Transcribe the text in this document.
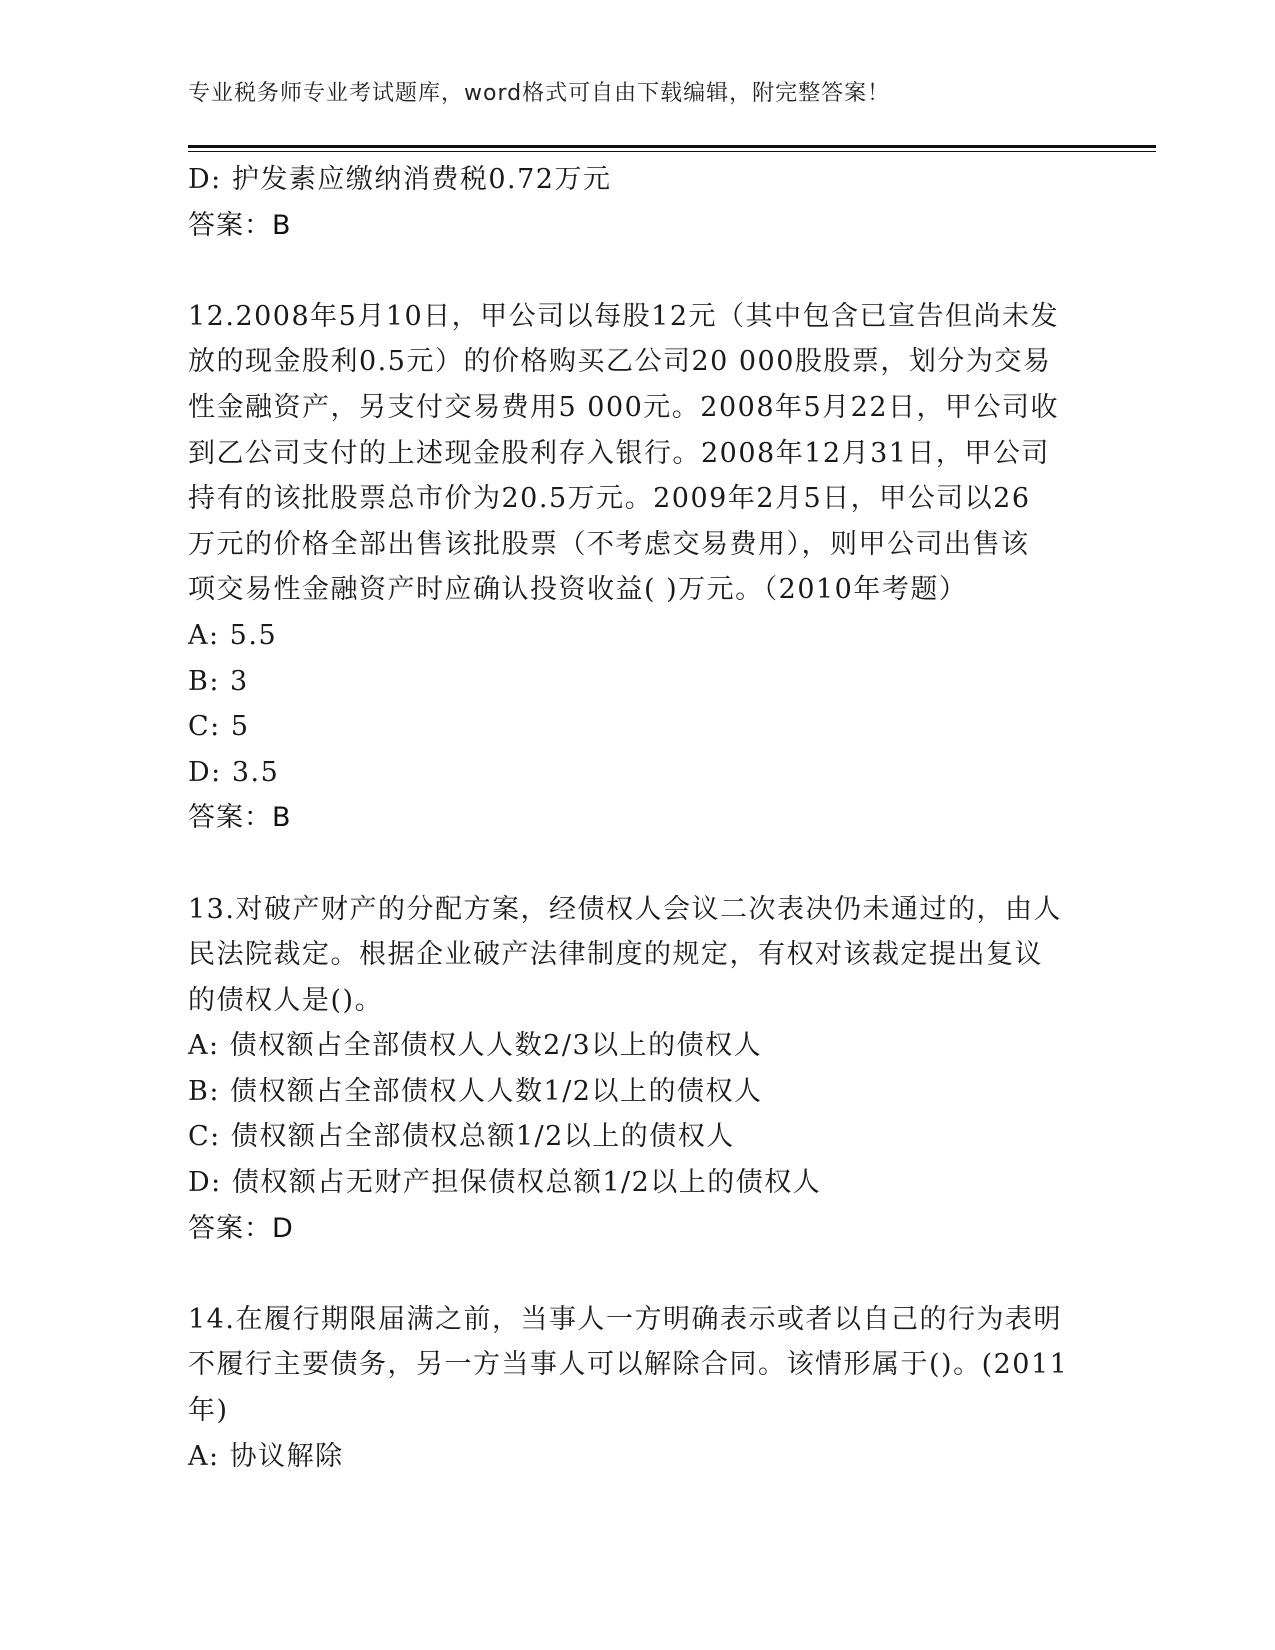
专业税务师专业考试题库，word格式可自由下载编辑，附完整答案！
D: 护发素应缴纳消费税0.72万元
答案：B
12.2008年5月10日，甲公司以每股12元（其中包含已宣告但尚未发
放的现金股利0.5元）的价格购买乙公司20 000股股票，划分为交易
性金融资产，另支付交易费用5 000元。2008年5月22日，甲公司收
到乙公司支付的上述现金股利存入银行。2008年12月31日，甲公司
持有的该批股票总市价为20.5万元。2009年2月5日，甲公司以26
万元的价格全部出售该批股票（不考虑交易费用），则甲公司出售该
项交易性金融资产时应确认投资收益( )万元。（2010年考题）
A: 5.5
B: 3
C: 5
D: 3.5
答案：B
13.对破产财产的分配方案，经债权人会议二次表决仍未通过的，由人
民法院裁定。根据企业破产法律制度的规定，有权对该裁定提出复议
的债权人是()。
A: 债权额占全部债权人人数2/3以上的债权人
B: 债权额占全部债权人人数1/2以上的债权人
C: 债权额占全部债权总额1/2以上的债权人
D: 债权额占无财产担保债权总额1/2以上的债权人
答案：D
14.在履行期限届满之前，当事人一方明确表示或者以自己的行为表明
不履行主要债务，另一方当事人可以解除合同。该情形属于()。(2011
年)
A: 协议解除
